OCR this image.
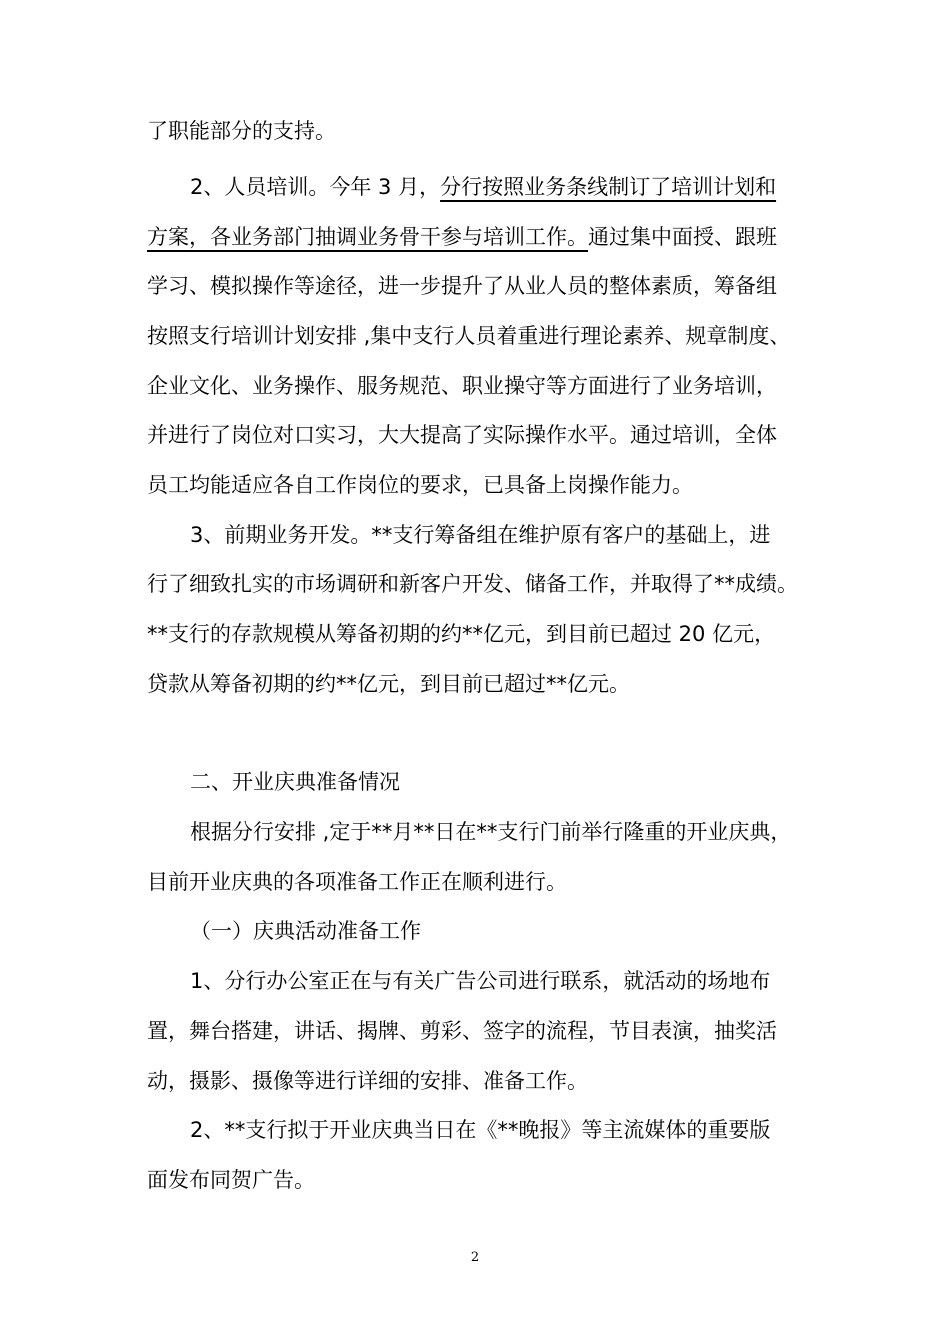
了职能部分的支持。
2、人员培训。今年 3 月，分行按照业务条线制订了培训计划和
方案，各业务部门抽调业务骨干参与培训工作。通过集中面授、跟班
学习、模拟操作等途径，进一步提升了从业人员的整体素质，筹备组
按照支行培训计划安排 ,集中支行人员着重进行理论素养、规章制度、
企业文化、业务操作、服务规范、职业操守等方面进行了业务培训，
并进行了岗位对口实习，大大提高了实际操作水平。通过培训，全体
员工均能适应各自工作岗位的要求，已具备上岗操作能力。
3、前期业务开发。**支行筹备组在维护原有客户的基础上，进
行了细致扎实的市场调研和新客户开发、储备工作，并取得了**成绩。
**支行的存款规模从筹备初期的约**亿元，到目前已超过 20 亿元，
贷款从筹备初期的约**亿元，到目前已超过**亿元。
二、开业庆典准备情况
根据分行安排 ,定于**月**日在**支行门前举行隆重的开业庆典，
目前开业庆典的各项准备工作正在顺利进行。
（一）庆典活动准备工作
1、分行办公室正在与有关广告公司进行联系，就活动的场地布
置，舞台搭建，讲话、揭牌、剪彩、签字的流程，节目表演，抽奖活
动，摄影、摄像等进行详细的安排、准备工作。
2、**支行拟于开业庆典当日在《**晚报》等主流媒体的重要版
面发布同贺广告。
2
